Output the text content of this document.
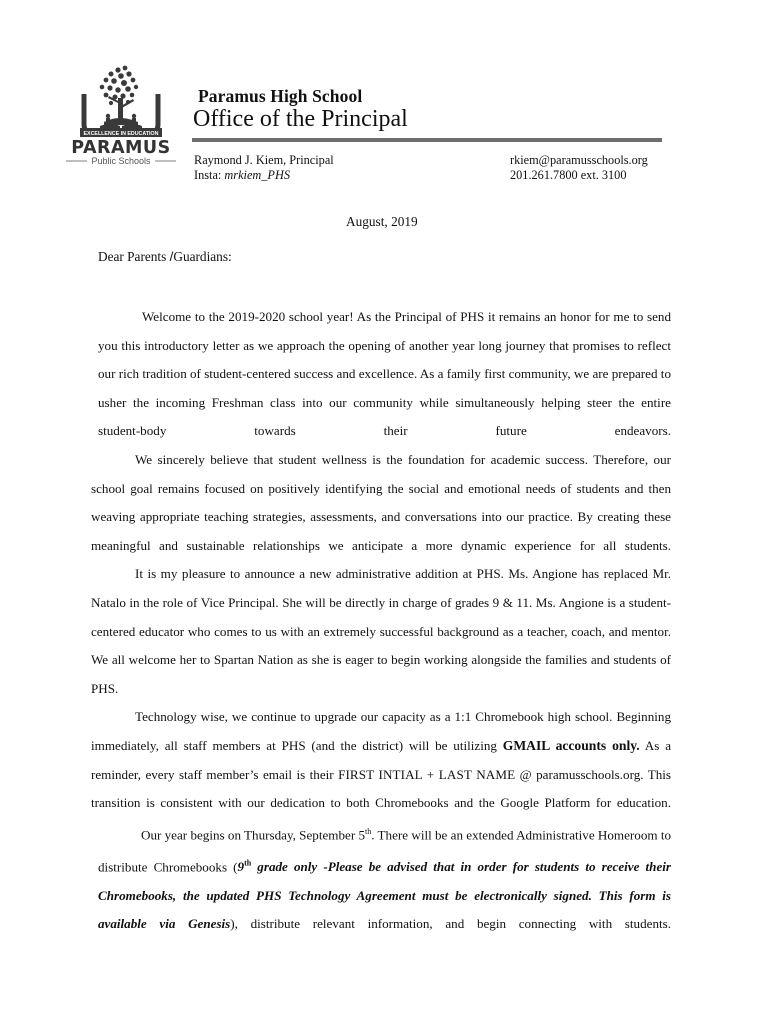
EXCELLENCE IN EDUCATION
PARAMUS
Public Schools
Paramus High School
Office of the Principal
Raymond J. Kiem, Principal
Insta: mrkiem_PHS
rkiem@paramusschools.org
201.261.7800 ext. 3100
August, 2019
Dear Parents /Guardians:

Welcome to the 2019-2020 school year! As the Principal of PHS it remains an honor for me to send you this introductory letter as we approach the opening of another year long journey that promises to reflect our rich tradition of student-centered success and excellence. As a family first community, we are prepared to usher the incoming Freshman class into our community while simultaneously helping steer the entire student-body towards their future endeavors.

We sincerely believe that student wellness is the foundation for academic success. Therefore, our school goal remains focused on positively identifying the social and emotional needs of students and then weaving appropriate teaching strategies, assessments, and conversations into our practice. By creating these meaningful and sustainable relationships we anticipate a more dynamic experience for all students.

It is my pleasure to announce a new administrative addition at PHS. Ms. Angione has replaced Mr. Natalo in the role of Vice Principal. She will be directly in charge of grades 9 & 11. Ms. Angione is a student-centered educator who comes to us with an extremely successful background as a teacher, coach, and mentor. We all welcome her to Spartan Nation as she is eager to begin working alongside the families and students of PHS.

Technology wise, we continue to upgrade our capacity as a 1:1 Chromebook high school. Beginning immediately, all staff members at PHS (and the district) will be utilizing GMAIL accounts only. As a reminder, every staff member’s email is their FIRST INTIAL + LAST NAME @ paramusschools.org. This transition is consistent with our dedication to both Chromebooks and the Google Platform for education.

Our year begins on Thursday, September 5th. There will be an extended Administrative Homeroom to distribute Chromebooks (9th grade only -Please be advised that in order for students to receive their Chromebooks, the updated PHS Technology Agreement must be electronically signed. This form is available via Genesis), distribute relevant information, and begin connecting with students.
